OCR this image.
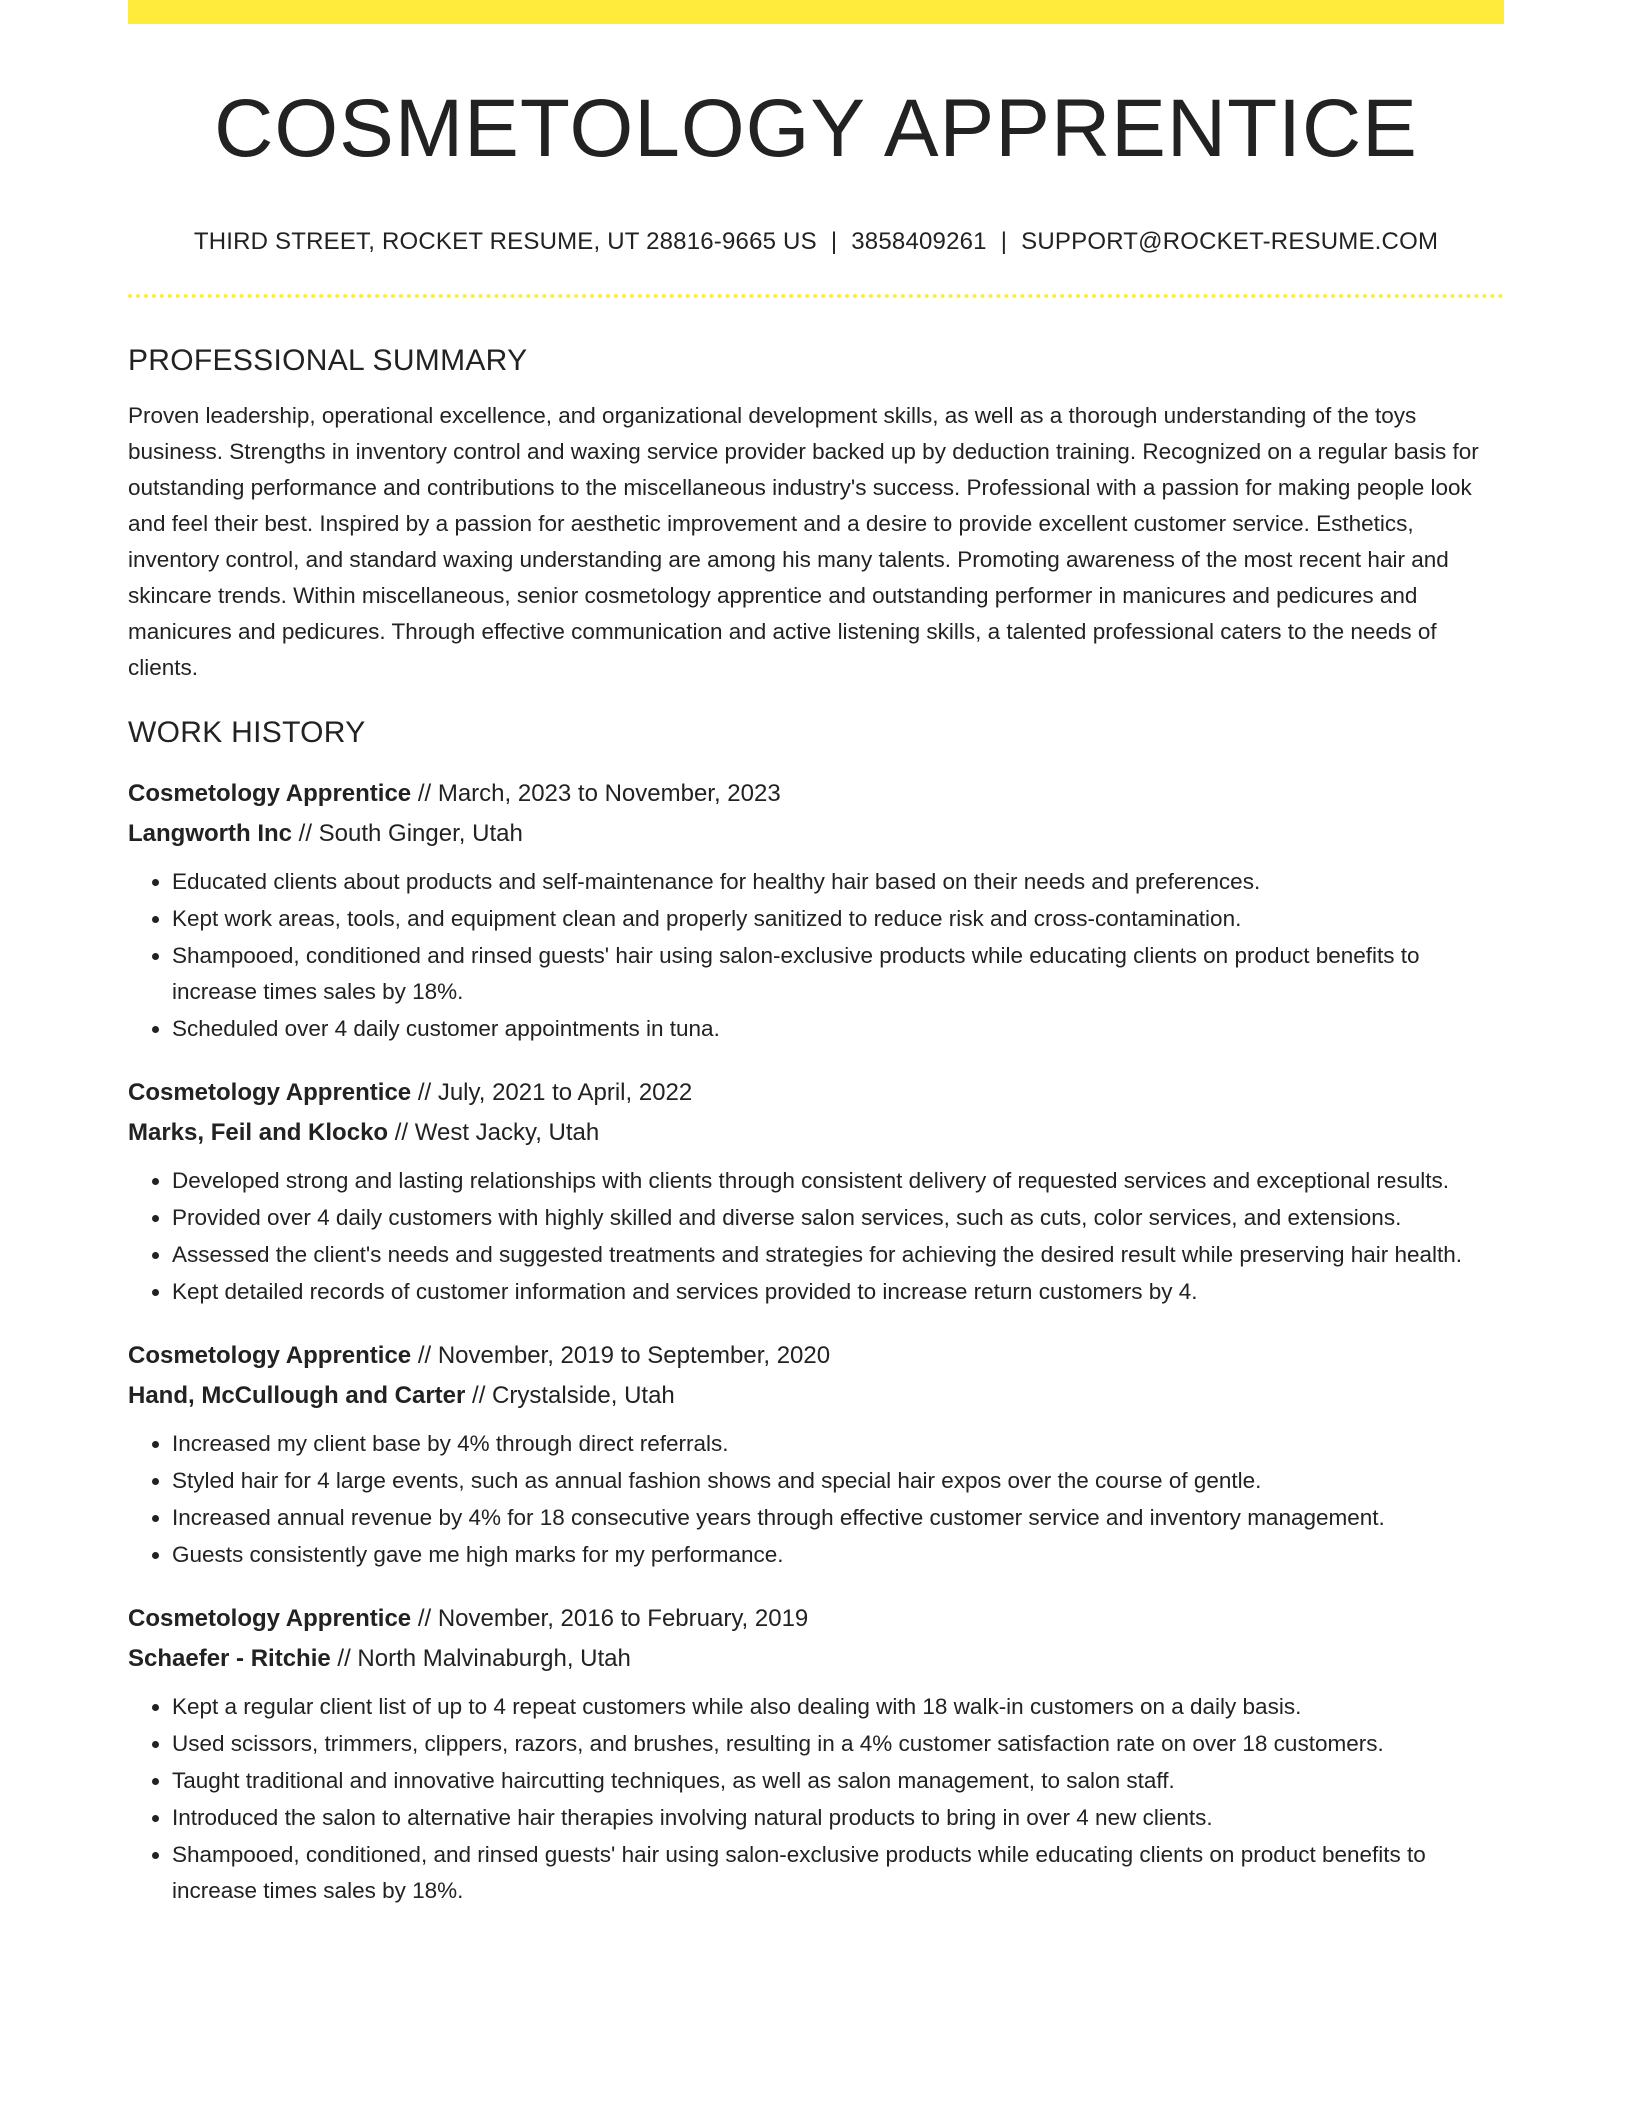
COSMETOLOGY APPRENTICE
THIRD STREET, ROCKET RESUME, UT 28816-9665 US | 3858409261 | SUPPORT@ROCKET-RESUME.COM
PROFESSIONAL SUMMARY
Proven leadership, operational excellence, and organizational development skills, as well as a thorough understanding of the toys business. Strengths in inventory control and waxing service provider backed up by deduction training. Recognized on a regular basis for outstanding performance and contributions to the miscellaneous industry's success. Professional with a passion for making people look and feel their best. Inspired by a passion for aesthetic improvement and a desire to provide excellent customer service. Esthetics, inventory control, and standard waxing understanding are among his many talents. Promoting awareness of the most recent hair and skincare trends. Within miscellaneous, senior cosmetology apprentice and outstanding performer in manicures and pedicures and manicures and pedicures. Through effective communication and active listening skills, a talented professional caters to the needs of clients.
WORK HISTORY
Cosmetology Apprentice // March, 2023 to November, 2023
Langworth Inc // South Ginger, Utah
• Educated clients about products and self-maintenance for healthy hair based on their needs and preferences.
• Kept work areas, tools, and equipment clean and properly sanitized to reduce risk and cross-contamination.
• Shampooed, conditioned and rinsed guests' hair using salon-exclusive products while educating clients on product benefits to increase times sales by 18%.
• Scheduled over 4 daily customer appointments in tuna.
Cosmetology Apprentice // July, 2021 to April, 2022
Marks, Feil and Klocko // West Jacky, Utah
• Developed strong and lasting relationships with clients through consistent delivery of requested services and exceptional results.
• Provided over 4 daily customers with highly skilled and diverse salon services, such as cuts, color services, and extensions.
• Assessed the client's needs and suggested treatments and strategies for achieving the desired result while preserving hair health.
• Kept detailed records of customer information and services provided to increase return customers by 4.
Cosmetology Apprentice // November, 2019 to September, 2020
Hand, McCullough and Carter // Crystalside, Utah
• Increased my client base by 4% through direct referrals.
• Styled hair for 4 large events, such as annual fashion shows and special hair expos over the course of gentle.
• Increased annual revenue by 4% for 18 consecutive years through effective customer service and inventory management.
• Guests consistently gave me high marks for my performance.
Cosmetology Apprentice // November, 2016 to February, 2019
Schaefer - Ritchie // North Malvinaburgh, Utah
• Kept a regular client list of up to 4 repeat customers while also dealing with 18 walk-in customers on a daily basis.
• Used scissors, trimmers, clippers, razors, and brushes, resulting in a 4% customer satisfaction rate on over 18 customers.
• Taught traditional and innovative haircutting techniques, as well as salon management, to salon staff.
• Introduced the salon to alternative hair therapies involving natural products to bring in over 4 new clients.
• Shampooed, conditioned, and rinsed guests' hair using salon-exclusive products while educating clients on product benefits to increase times sales by 18%.
